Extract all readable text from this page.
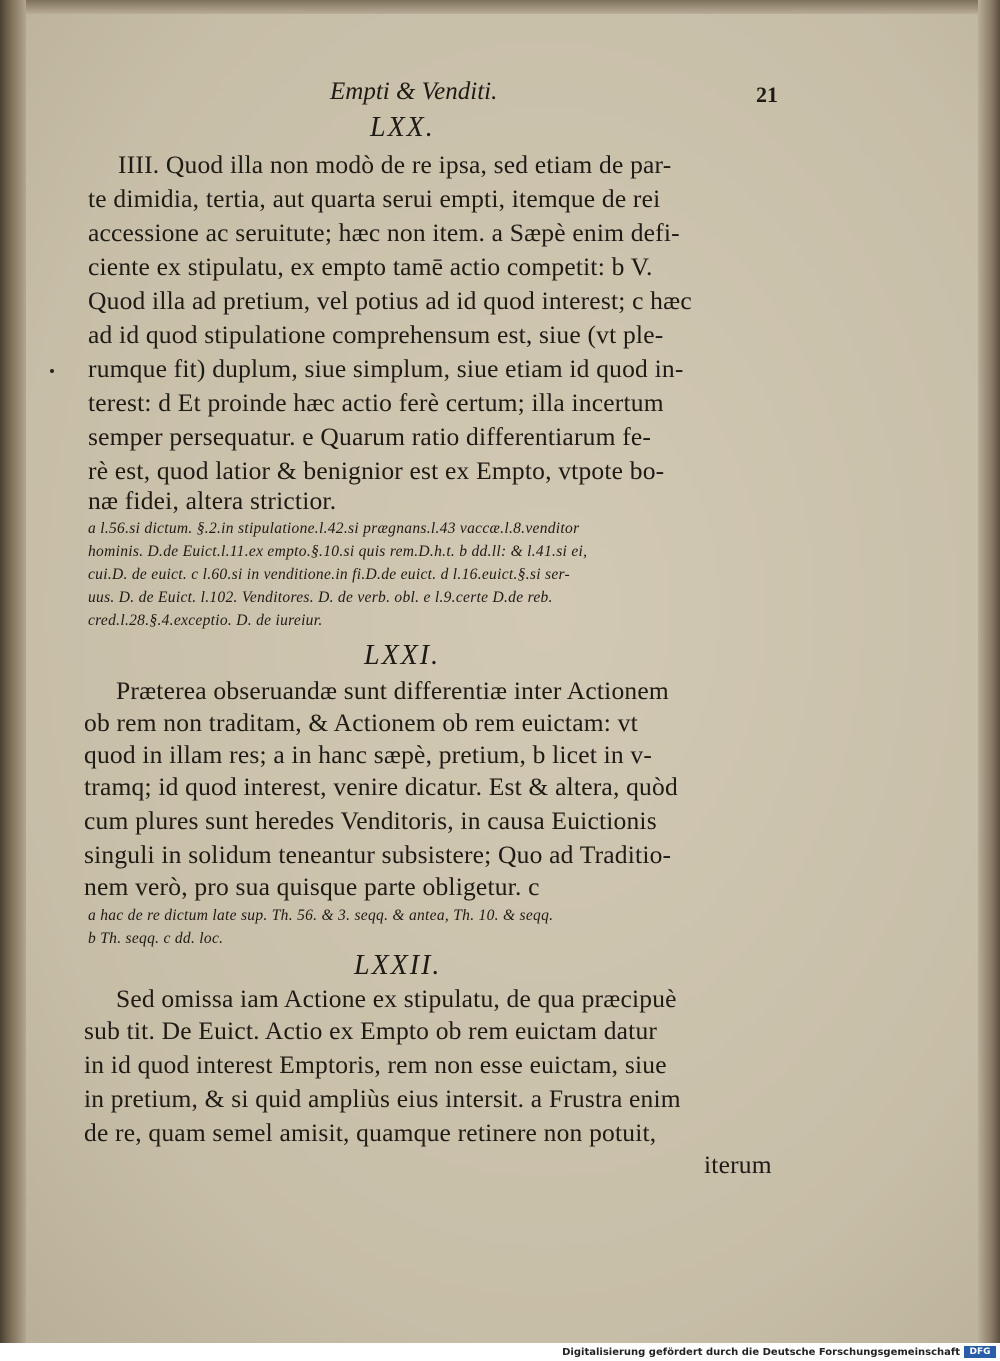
Empti & Venditi.	21
LXX.
IIII. Quod illa non modò de re ipsa, sed etiam de par-
te dimidia, tertia, aut quarta serui empti, itemque de rei
accessione ac seruitute; hæc non item. a Sæpè enim defi-
ciente ex stipulatu, ex empto tamē actio competit: b V.
Quod illa ad pretium, vel potius ad id quod interest; c hæc
ad id quod stipulatione comprehensum est, siue (vt ple-
rumque fit) duplum, siue simplum, siue etiam id quod in-
terest: d Et proinde hæc actio ferè certum; illa incertum
semper persequatur. e Quarum ratio differentiarum fe-
rè est, quod latior & benignior est ex Empto, vtpote bo-
næ fidei, altera strictior.
a l.56.si dictum. §.2.in stipulatione.l.42.si prægnans.l.43 vaccæ.l.8.venditor
hominis. D.de Euict.l.11.ex empto.§.10.si quis rem.D.h.t. b dd.ll: & l.41.si ei,
cui.D. de euict. c l.60.si in venditione.in fi.D.de euict. d l.16.euict.§.si ser-
uus. D. de Euict. l.102. Venditores. D. de verb. obl. e l.9.certe D.de reb.
cred.l.28.§.4.exceptio. D. de iureiur.
LXXI.
Præterea obseruandæ sunt differentiæ inter Actionem
ob rem non traditam, & Actionem ob rem euictam: vt
quod in illam res; a in hanc sæpè, pretium, b licet in v-
tramq; id quod interest, venire dicatur. Est & altera, quòd
cum plures sunt heredes Venditoris, in causa Euictionis
singuli in solidum teneantur subsistere; Quo ad Traditio-
nem verò, pro sua quisque parte obligetur. c
a hac de re dictum late sup. Th. 56. & 3. seqq. & antea, Th. 10. & seqq.
b Th. seqq. c dd. loc.
LXXII.
Sed omissa iam Actione ex stipulatu, de qua præcipuè
sub tit. De Euict. Actio ex Empto ob rem euictam datur
in id quod interest Emptoris, rem non esse euictam, siue
in pretium, & si quid ampliùs eius intersit. a Frustra enim
de re, quam semel amisit, quamque retinere non potuit,
iterum
Digitalisierung gefördert durch die Deutsche Forschungsgemeinschaft	DFG
